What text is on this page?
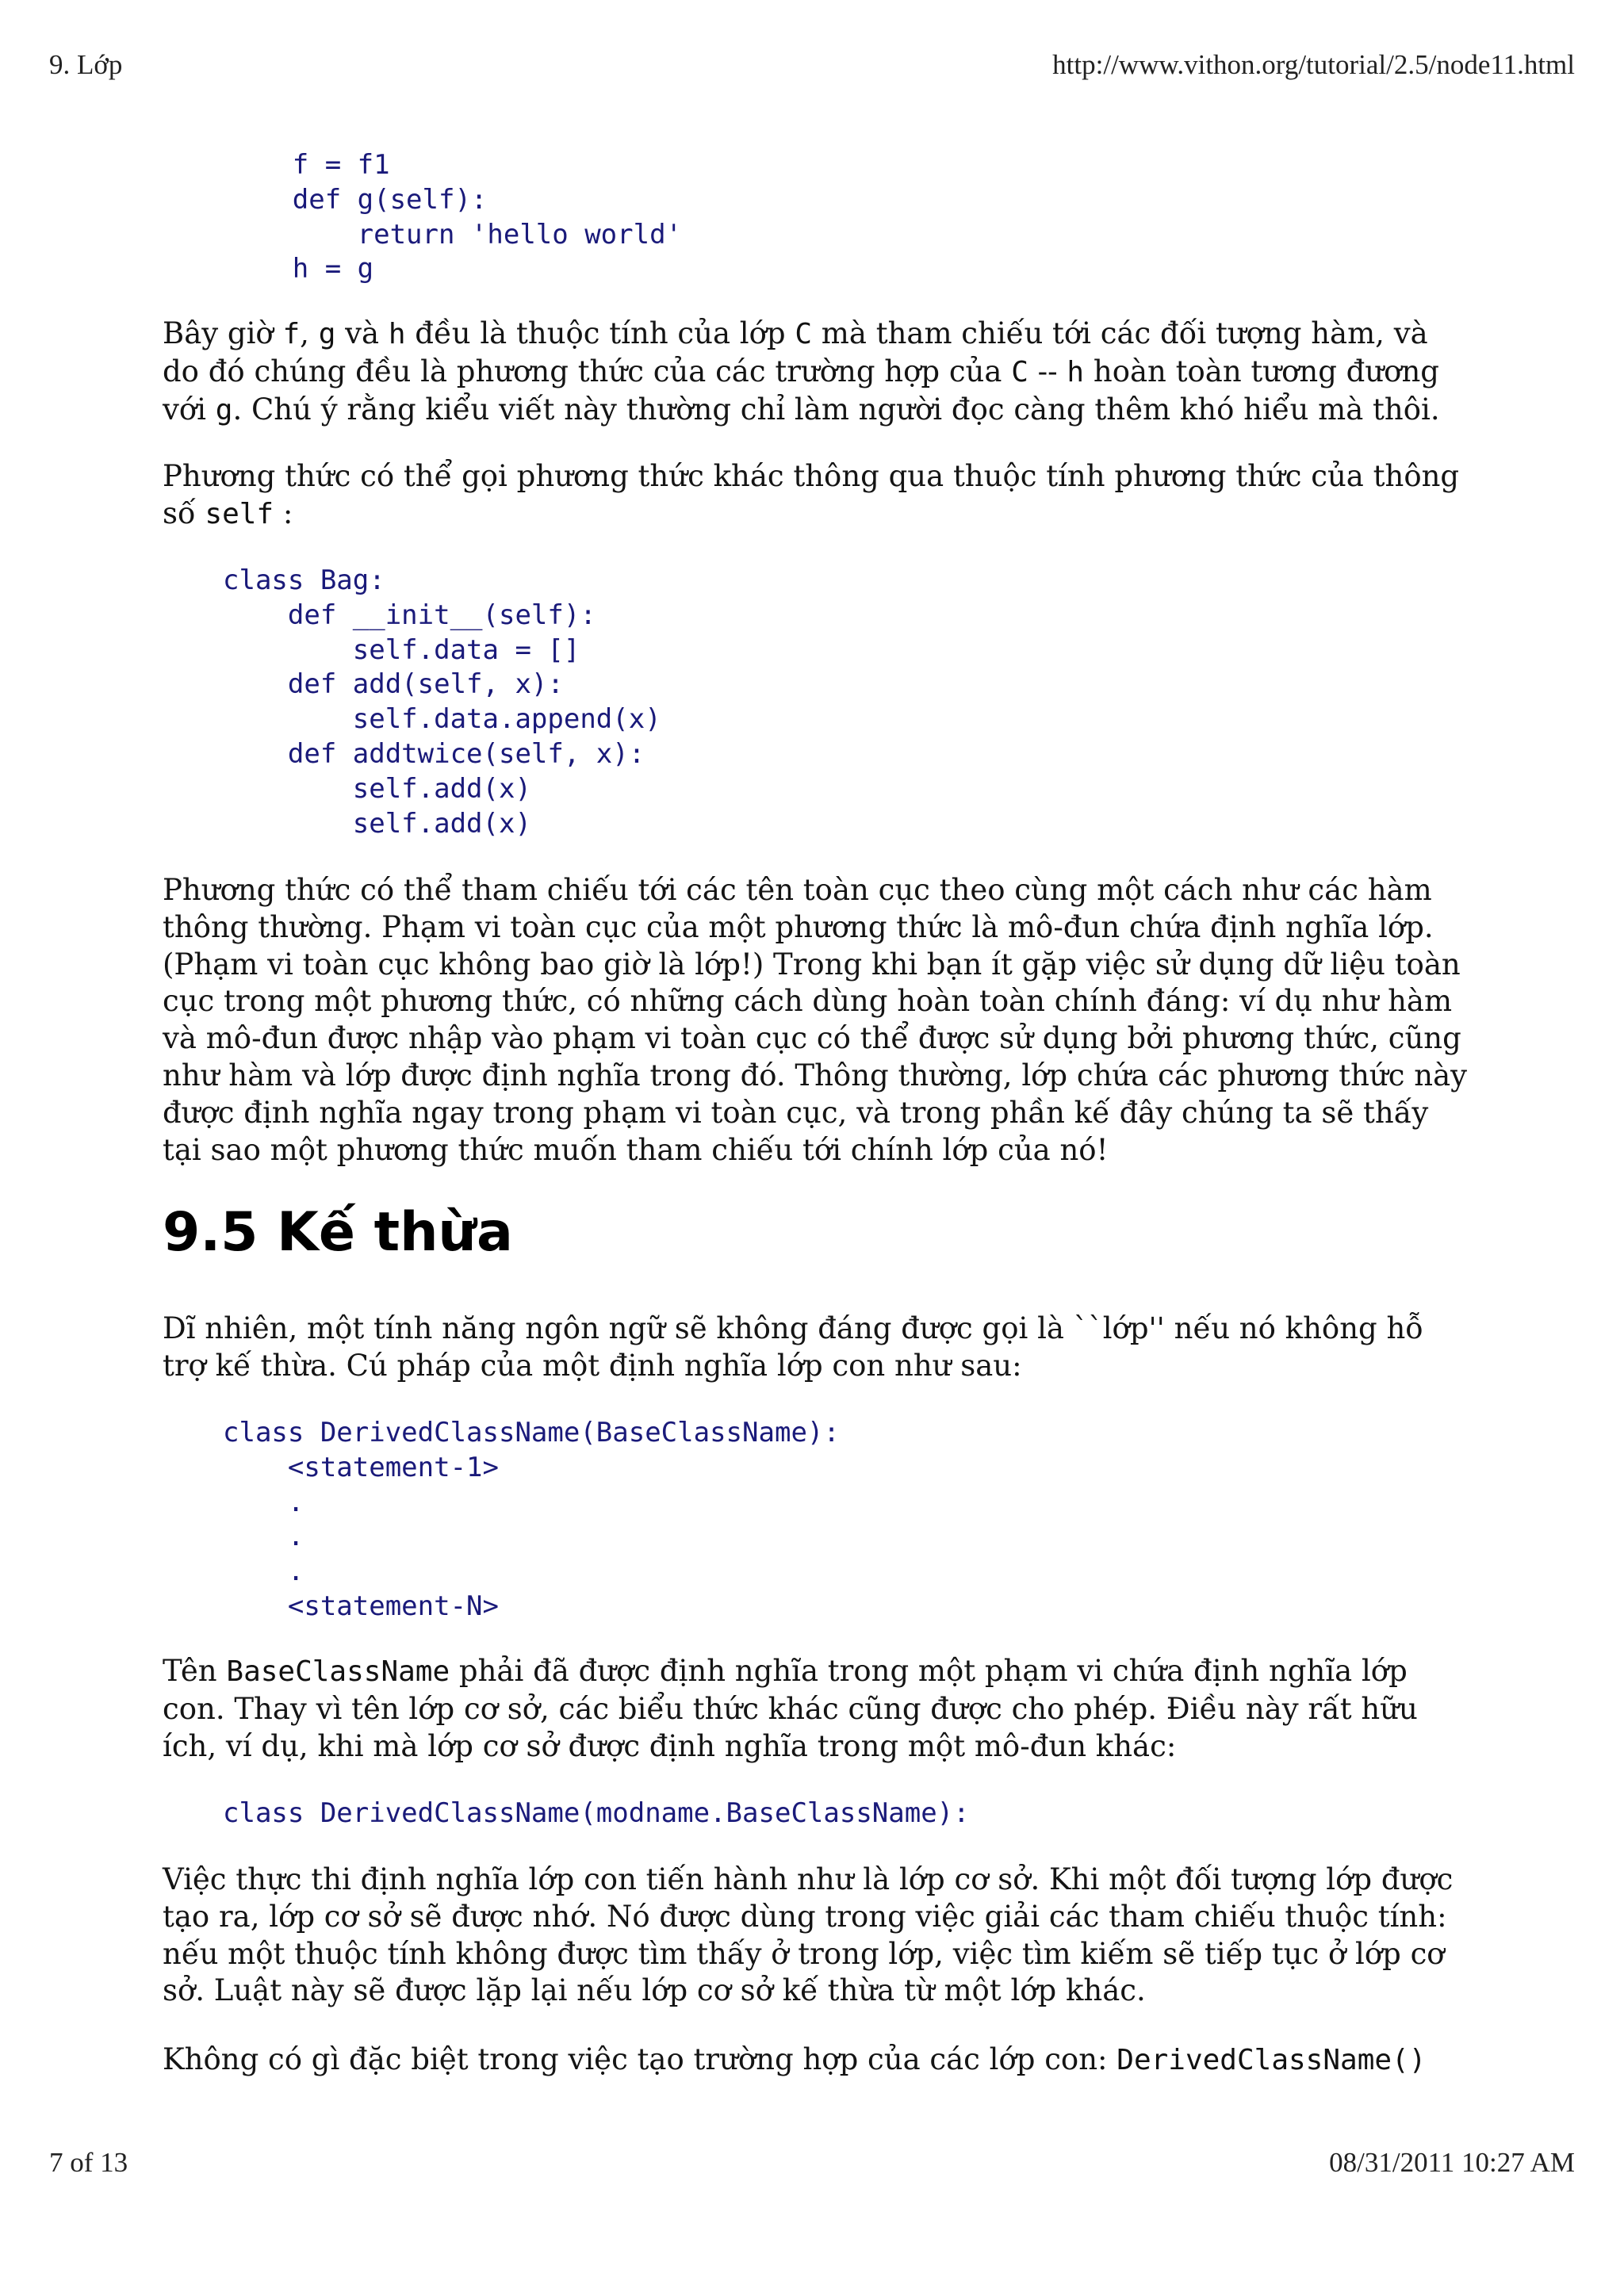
9. Lớp	http://www.vithon.org/tutorial/2.5/node11.html
f = f1
def g(self):
return 'hello world'
h = g

Bây giờ f, g và h đều là thuộc tính của lớp C mà tham chiếu tới các đối tượng hàm, và do đó chúng đều là phương thức của các trường hợp của C -- h hoàn toàn tương đương với g. Chú ý rằng kiểu viết này thường chỉ làm người đọc càng thêm khó hiểu mà thôi.

Phương thức có thể gọi phương thức khác thông qua thuộc tính phương thức của thông số self :

class Bag:
def __init__(self):
self.data = []
def add(self, x):
self.data.append(x)
def addtwice(self, x):
self.add(x)
self.add(x)

Phương thức có thể tham chiếu tới các tên toàn cục theo cùng một cách như các hàm thông thường. Phạm vi toàn cục của một phương thức là mô-đun chứa định nghĩa lớp. (Phạm vi toàn cục không bao giờ là lớp!) Trong khi bạn ít gặp việc sử dụng dữ liệu toàn cục trong một phương thức, có những cách dùng hoàn toàn chính đáng: ví dụ như hàm và mô-đun được nhập vào phạm vi toàn cục có thể được sử dụng bởi phương thức, cũng như hàm và lớp được định nghĩa trong đó. Thông thường, lớp chứa các phương thức này được định nghĩa ngay trong phạm vi toàn cục, và trong phần kế đây chúng ta sẽ thấy tại sao một phương thức muốn tham chiếu tới chính lớp của nó!

9.5 Kế thừa

Dĩ nhiên, một tính năng ngôn ngữ sẽ không đáng được gọi là ``lớp'' nếu nó không hỗ trợ kế thừa. Cú pháp của một định nghĩa lớp con như sau:

class DerivedClassName(BaseClassName):
<statement-1>
.
.
.
<statement-N>

Tên BaseClassName phải đã được định nghĩa trong một phạm vi chứa định nghĩa lớp con. Thay vì tên lớp cơ sở, các biểu thức khác cũng được cho phép. Điều này rất hữu ích, ví dụ, khi mà lớp cơ sở được định nghĩa trong một mô-đun khác:

class DerivedClassName(modname.BaseClassName):

Việc thực thi định nghĩa lớp con tiến hành như là lớp cơ sở. Khi một đối tượng lớp được tạo ra, lớp cơ sở sẽ được nhớ. Nó được dùng trong việc giải các tham chiếu thuộc tính: nếu một thuộc tính không được tìm thấy ở trong lớp, việc tìm kiếm sẽ tiếp tục ở lớp cơ sở. Luật này sẽ được lặp lại nếu lớp cơ sở kế thừa từ một lớp khác.

Không có gì đặc biệt trong việc tạo trường hợp của các lớp con: DerivedClassName()

7 of 13	08/31/2011 10:27 AM
